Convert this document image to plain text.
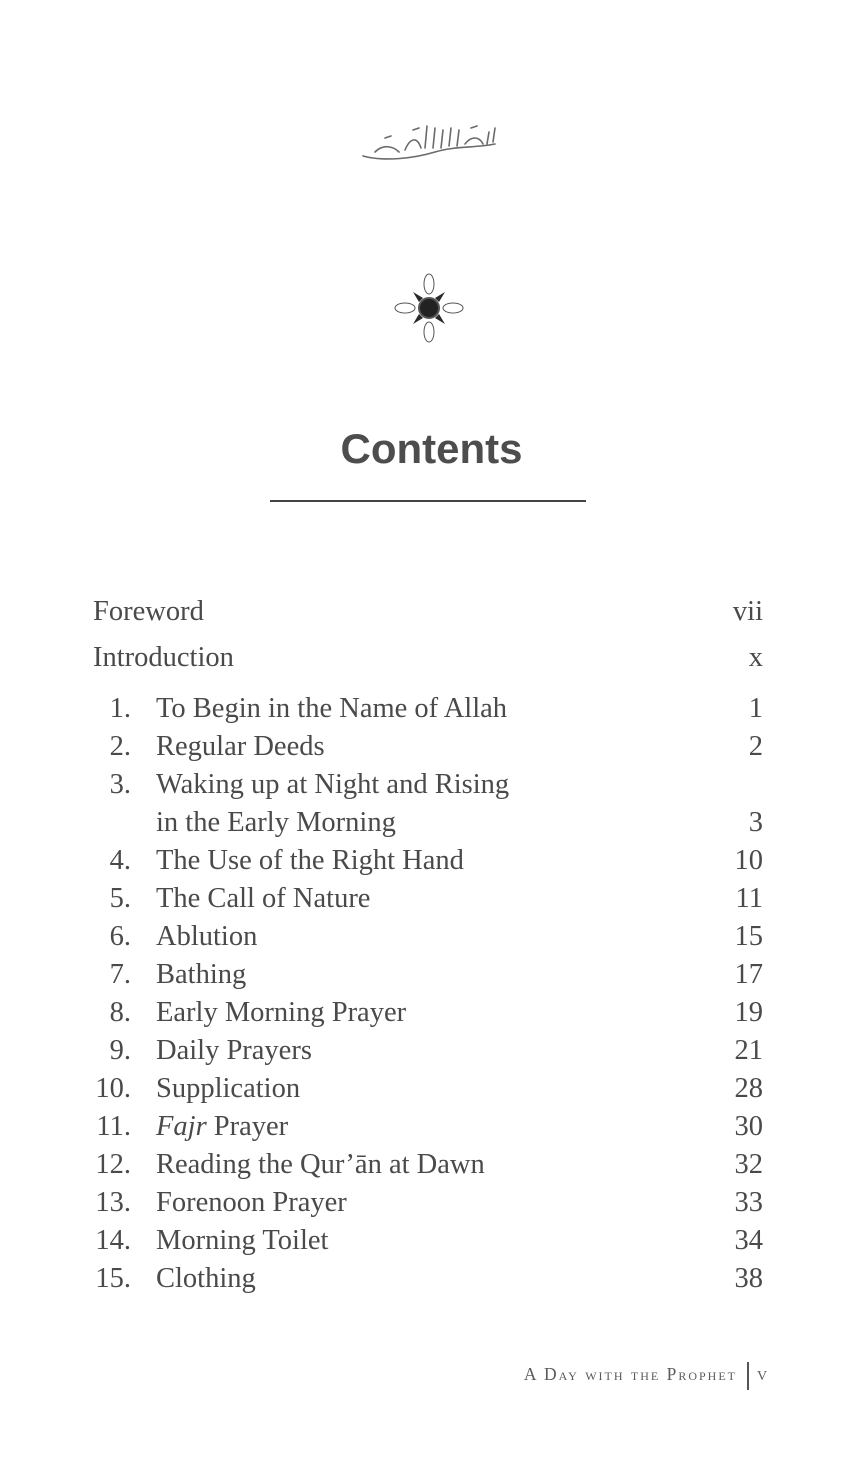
Contents
Foreword	vii
Introduction	x
1. To Begin in the Name of Allah	1
2. Regular Deeds	2
3. Waking up at Night and Rising
in the Early Morning	3
4. The Use of the Right Hand	10
5. The Call of Nature	11
6. Ablution	15
7. Bathing	17
8. Early Morning Prayer	19
9. Daily Prayers	21
10. Supplication	28
11. Fajr Prayer	30
12. Reading the Qur’ān at Dawn	32
13. Forenoon Prayer	33
14. Morning Toilet	34
15. Clothing	38
A Day with the Prophet v
